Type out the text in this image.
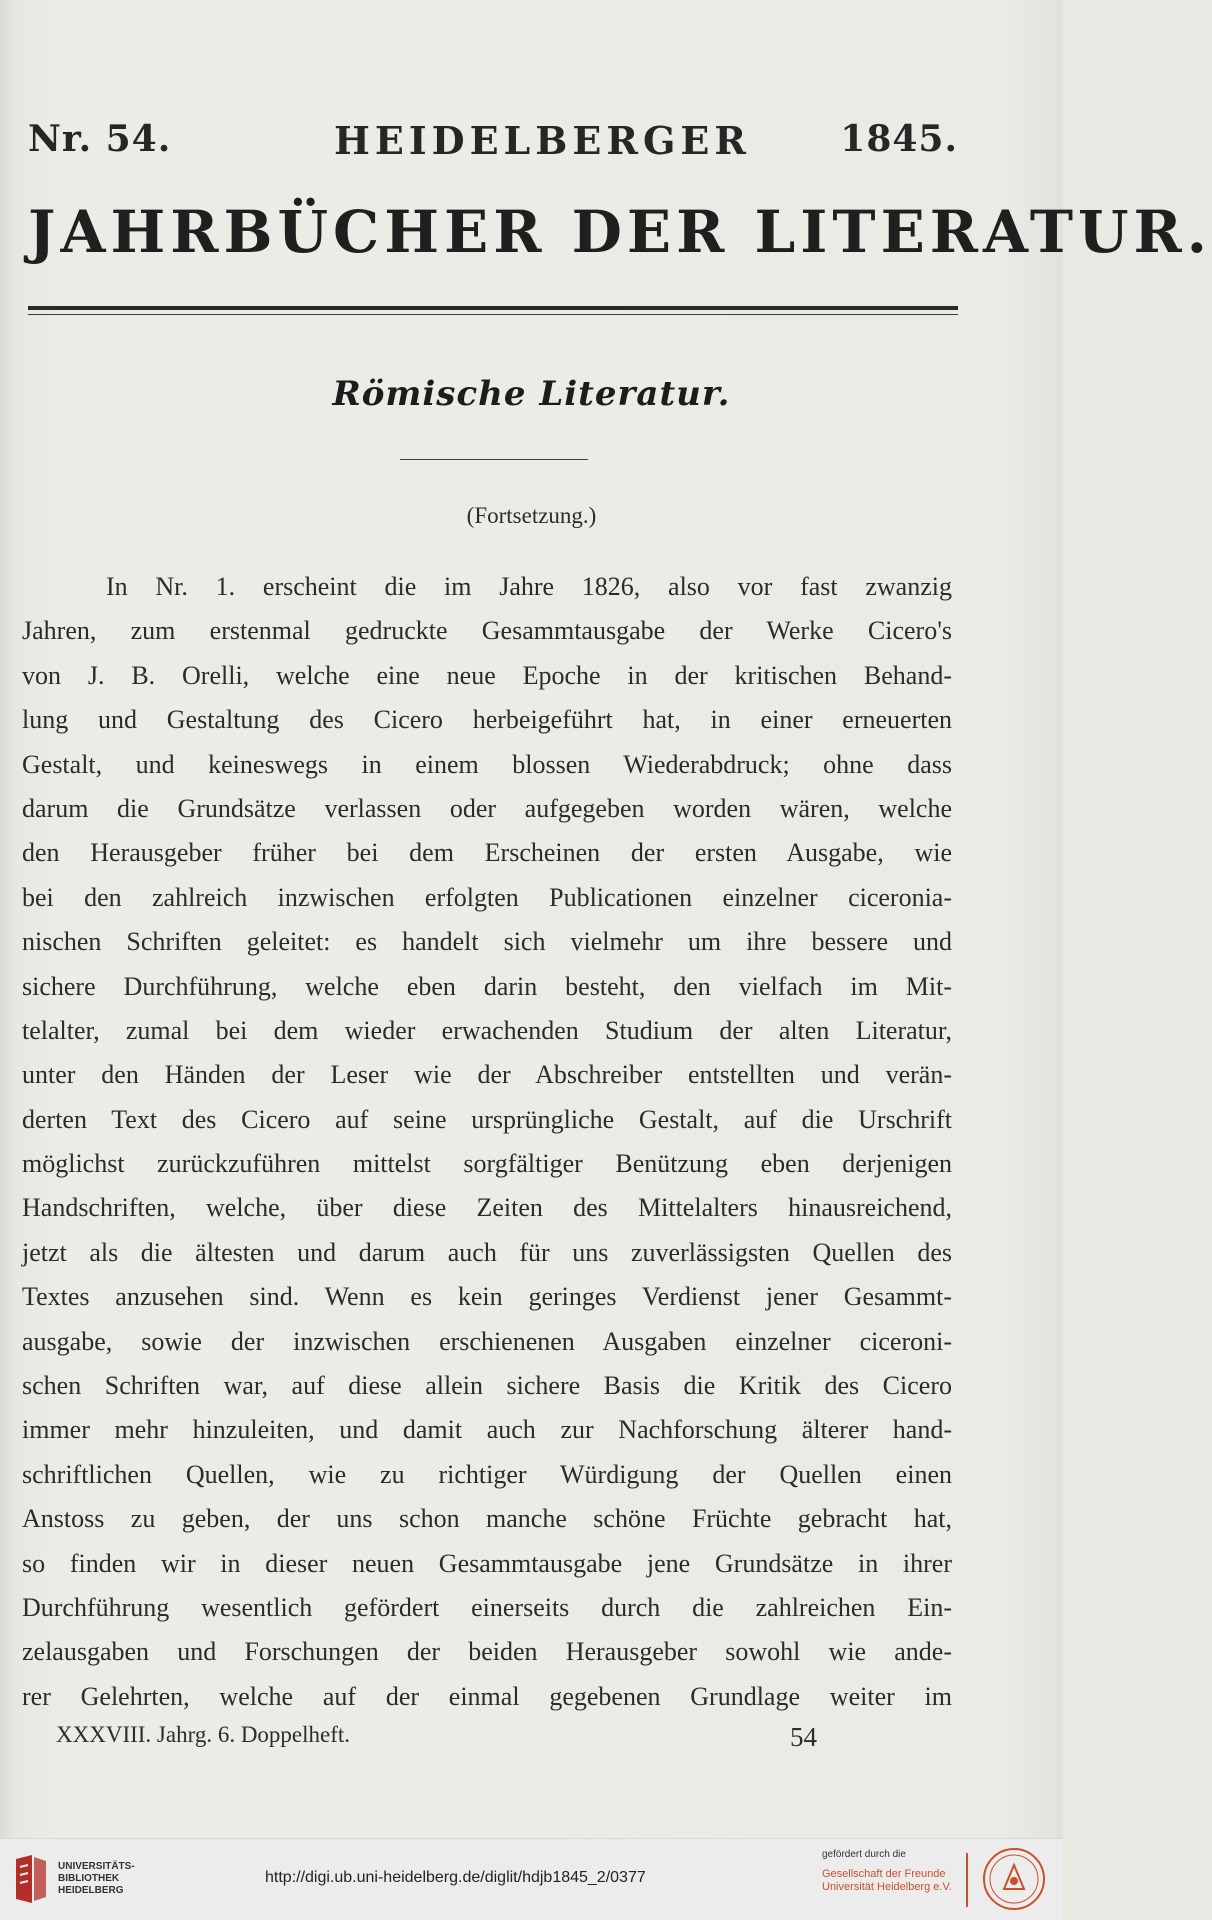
Nr. 54.	HEIDELBERGER 1845.
JAHRBÜCHER DER LITERATUR.
Römische Literatur.
(Fortsetzung.)
In Nr. 1. erscheint die im Jahre 1826, also vor fast zwanzig
Jahren, zum erstenmal gedruckte Gesammtausgabe der Werke Cicero's
von J. B. Orelli, welche eine neue Epoche in der kritischen Behand-
lung und Gestaltung des Cicero herbeigeführt hat, in einer erneuerten
Gestalt, und keineswegs in einem blossen Wiederabdruck; ohne dass
darum die Grundsätze verlassen oder aufgegeben worden wären, welche
den Herausgeber früher bei dem Erscheinen der ersten Ausgabe, wie
bei den zahlreich inzwischen erfolgten Publicationen einzelner ciceronia-
nischen Schriften geleitet: es handelt sich vielmehr um ihre bessere und
sichere Durchführung, welche eben darin besteht, den vielfach im Mit-
telalter, zumal bei dem wieder erwachenden Studium der alten Literatur,
unter den Händen der Leser wie der Abschreiber entstellten und verän-
derten Text des Cicero auf seine ursprüngliche Gestalt, auf die Urschrift
möglichst zurückzuführen mittelst sorgfältiger Benützung eben derjenigen
Handschriften, welche, über diese Zeiten des Mittelalters hinausreichend,
jetzt als die ältesten und darum auch für uns zuverlässigsten Quellen des
Textes anzusehen sind. Wenn es kein geringes Verdienst jener Gesammt-
ausgabe, sowie der inzwischen erschienenen Ausgaben einzelner ciceroni-
schen Schriften war, auf diese allein sichere Basis die Kritik des Cicero
immer mehr hinzuleiten, und damit auch zur Nachforschung älterer hand-
schriftlichen Quellen, wie zu richtiger Würdigung der Quellen einen
Anstoss zu geben, der uns schon manche schöne Früchte gebracht hat,
so finden wir in dieser neuen Gesammtausgabe jene Grundsätze in ihrer
Durchführung wesentlich gefördert einerseits durch die zahlreichen Ein-
zelausgaben und Forschungen der beiden Herausgeber sowohl wie ande-
rer Gelehrten, welche auf der einmal gegebenen Grundlage weiter im
XXXVIII. Jahrg. 6. Doppelheft.	54
UNIVERSITÄTS-
BIBLIOTHEK
HEIDELBERG
http://digi.ub.uni-heidelberg.de/diglit/hdjb1845_2/0377
gefördert durch die
Gesellschaft der Freunde
Universität Heidelberg e.V.
